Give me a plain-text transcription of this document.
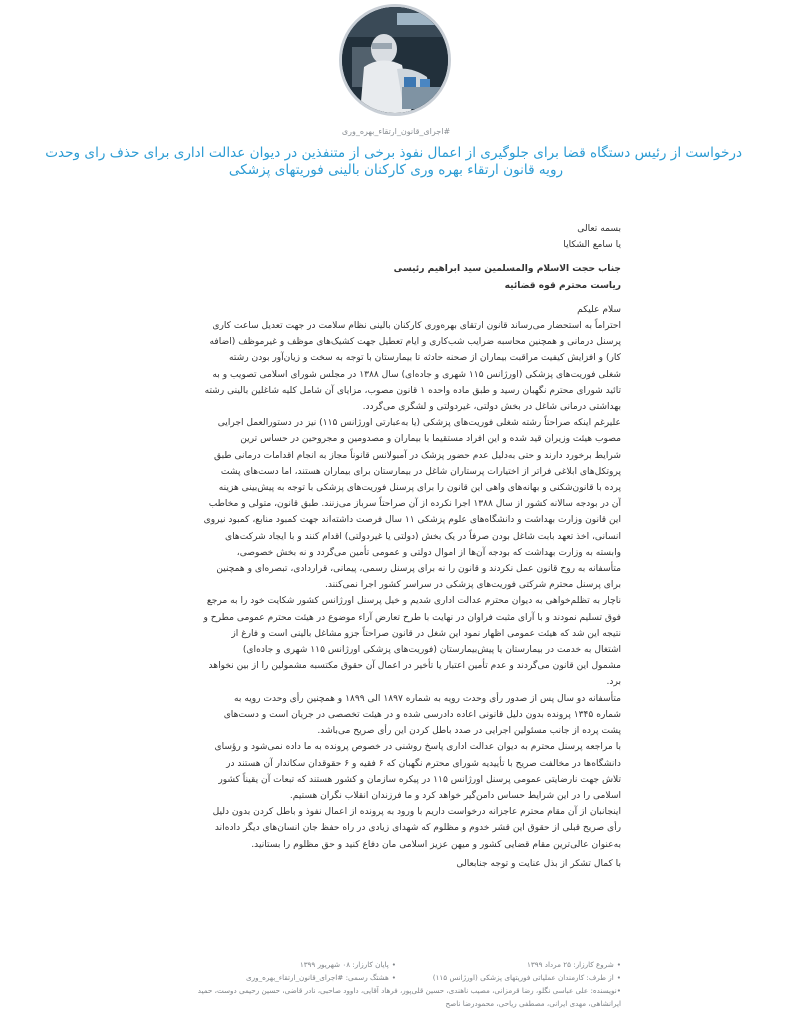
#اجرای_قانون_ارتقاء_بهره_وری
درخواست از رئیس دستگاه قضا برای جلوگیری از اعمال نفوذ برخی از متنفذین در دیوان عدالت اداری برای حذف رای وحدت
رویه قانون ارتقاء بهره وری کارکنان بالینی فوریتهای پزشکی
بسمه تعالی
یا سامع الشکایا
جناب حجت الاسلام والمسلمین سید ابراهیم رئیسی
ریاست محترم قوه قضائیه
سلام علیکم

احتراماً به استحضار می‌رساند قانون ارتقای بهره‌وری کارکنان بالینی نظام سلامت در جهت تعدیل ساعت کاری
پرسنل درمانی و همچنین محاسبه ضرایب شب‌کاری و ایام تعطیل جهت کشیک‌های موظف و غیرموظف (اضافه
کار) و افزایش کیفیت مراقبت بیماران از صحنه حادثه تا بیمارستان با توجه به سخت و زیان‌آور بودن رشته
شغلی فوریت‌های پزشکی (اورژانس ۱۱۵ شهری و جاده‌ای) سال ۱۳۸۸ در مجلس شورای اسلامی تصویب و به
تائید شورای محترم نگهبان رسید و طبق ماده واحده ۱ قانون مصوب، مزایای آن شامل کلیه شاغلین بالینی رشته
بهداشتی درمانی شاغل در بخش دولتی، غیردولتی و لشگری می‌گردد.

علیرغم اینکه صراحتاً رشته شغلی فوریت‌های پزشکی (یا به‌عبارتی اورژانس ۱۱۵) نیز در دستورالعمل اجرایی
مصوب هیئت وزیران قید شده و این افراد مستقیما با بیماران و مصدومین و مجروحین در حساس ترین
شرایط برخورد دارند و حتی به‌دلیل عدم حضور پزشک در آمبولانس قانوناً مجاز به انجام اقدامات درمانی طبق
پروتکل‌های ابلاغی فراتر از اختیارات پرستاران شاغل در بیمارستان برای بیماران هستند، اما دست‌های پشت
پرده با قانون‌شکنی و بهانه‌های واهی این قانون را برای پرسنل فوریت‌های پزشکی با توجه به پیش‌بینی هزینه
آن در بودجه سالانه کشور از سال ۱۳۸۸ اجرا نکرده از آن صراحتاً سرباز می‌زنند. طبق قانون، متولی و مخاطب
این قانون وزارت بهداشت و دانشگاه‌های علوم پزشکی ۱۱ سال فرصت داشته‌اند جهت کمبود منابع، کمبود نیروی
انسانی، اخذ تعهد بابت شاغل بودن صرفاً در یک بخش (دولتی یا غیردولتی) اقدام کنند و با ایجاد شرکت‌های
وابسته به وزارت بهداشت که بودجه آن‌ها از اموال دولتی و عمومی تأمین می‌گردد و نه بخش خصوصی،
متأسفانه به روح قانون عمل نکردند و قانون را نه برای پرسنل رسمی، پیمانی، قراردادی، تبصره‌ای و همچنین
برای پرسنل محترم شرکتی فوریت‌های پزشکی در سراسر کشور اجرا نمی‌کنند.

ناچار به تظلم‌خواهی به دیوان محترم عدالت اداری شدیم و خیل پرسنل اورژانس کشور شکایت خود را به مرجع
فوق تسلیم نمودند و با آرای مثبت فراوان در نهایت با طرح تعارض آراء موضوع در هیئت محترم عمومی مطرح و
نتیجه این شد که هیئت عمومی اظهار نمود این شغل در قانون صراحتاً جزو مشاغل بالینی است و فارغ از
اشتغال به خدمت در بیمارستان یا پیش‌بیمارستان (فوریت‌های پزشکی اورژانس ۱۱۵ شهری و جاده‌ای)
مشمول این قانون می‌گردند و عدم تأمین اعتبار یا تأخیر در اعمال آن حقوق مکتسبه مشمولین را از بین نخواهد
برد.

متأسفانه دو سال پس از صدور رأی وحدت رویه به شماره ۱۸۹۷ الی ۱۸۹۹ و همچنین رأی وحدت رویه به
شماره ۱۳۴۵ پرونده بدون دلیل قانونی اعاده دادرسی شده و در هیئت تخصصی در جریان است و دست‌های
پشت پرده از جانب مسئولین اجرایی در صدد باطل کردن این رأی صریح می‌باشد.

با مراجعه پرسنل محترم به دیوان عدالت اداری پاسخ روشنی در خصوص پرونده به ما داده نمی‌شود و رؤسای
دانشگاه‌ها در مخالفت صریح با تأییدیه شورای محترم نگهبان که ۶ فقیه و ۶ حقوقدان سکاندار آن هستند در
تلاش جهت نارضایتی عمومی پرسنل اورژانس ۱۱۵ در پیکره سازمان و کشور هستند که تبعات آن یقیناً کشور
اسلامی را در این شرایط حساس دامن‌گیر خواهد کرد و ما فرزندان انقلاب نگران هستیم.

اینجانبان از آن مقام محترم عاجزانه درخواست داریم با ورود به پرونده از اعمال نفوذ و باطل کردن بدون دلیل
رأی صریح قبلی از حقوق این قشر خدوم و مظلوم که شهدای زیادی در راه حفظ جان انسان‌های دیگر داده‌اند
به‌عنوان عالی‌ترین مقام قضایی کشور و میهن عزیز اسلامی مان دفاع کنید و حق مظلوم را بستانید.

با کمال تشکر از بذل عنایت و توجه جنابعالی
•شروع کارزار: ۲۵ مرداد ۱۳۹۹
•پایان کارزار: ۰۸ شهریور ۱۳۹۹
•از طرف: کارمندان عملیاتی فوریتهای پزشکی (اورژانس ۱۱۵)
•هشتگ رسمی: #اجرای_قانون_ارتقاء_بهره_وری
•نویسنده: علی عباسی نگلو، رضا قرمزانی، مصیب ناهندی، حسین قلی‌پور، فرهاد آقایی، داوود صاحبی، نادر قاضی، حسین رحیمی دوست، حمید
ایرانشاهی، مهدی ایرانی، مصطفی ریاحی، محمودرضا ناصح
